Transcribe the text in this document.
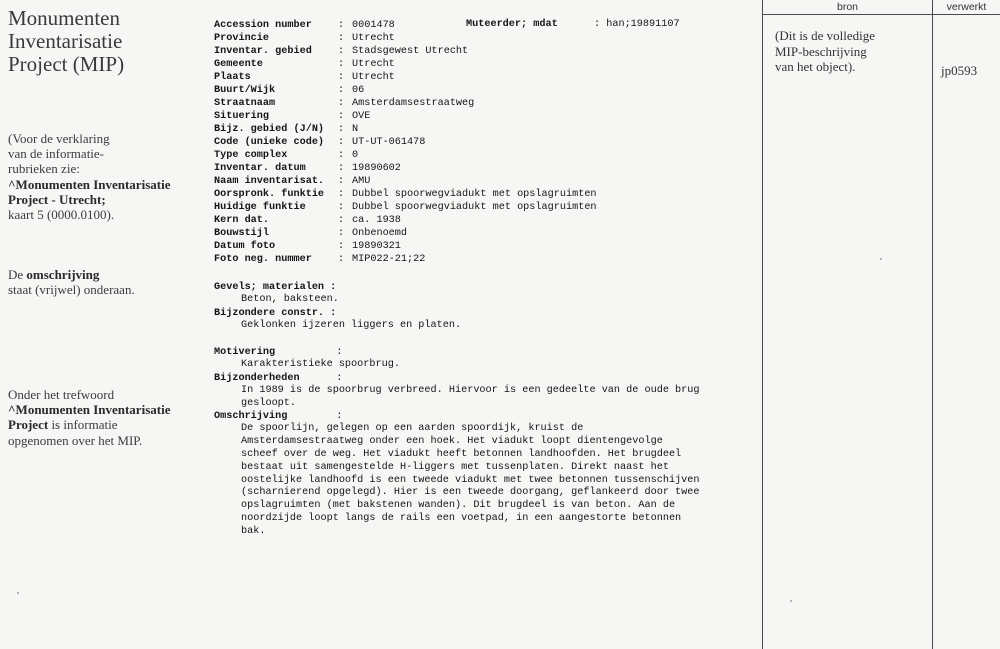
Monumenten
Inventarisatie
Project (MIP)
(Voor de verklaring
van de informatie-
rubrieken zie:
^Monumenten Inventarisatie
Project - Utrecht;
kaart 5 (0000.0100).
De omschrijving
staat (vrijwel) onderaan.
Onder het trefwoord
^Monumenten Inventarisatie
Project is informatie
opgenomen over het MIP.
Accession number	: 0001478
Provincie	: Utrecht
Inventar. gebied	: Stadsgewest Utrecht
Gemeente	: Utrecht
Plaats	: Utrecht
Buurt/Wijk	: 06
Straatnaam	: Amsterdamsestraatweg
Situering	: OVE
Bijz. gebied (J/N) : N
Code (unieke code) : UT-UT-061478
Type complex	: 0
Inventar. datum	: 19890602
Naam inventarisat. : AMU
Oorspronk. funktie : Dubbel spoorwegviadukt met opslagruimten
Huidige funktie	: Dubbel spoorwegviadukt met opslagruimten
Kern dat.	: ca. 1938
Bouwstijl	: Onbenoemd
Datum foto	: 19890321
Foto neg. nummer	: MIP022-21;22
Muteerder; mdat	: han;19891107
Gevels; materialen :
Beton, baksteen.
Bijzondere constr. :
Geklonken ijzeren liggers en platen.
Motivering          :
Karakteristieke spoorbrug.
Bijzonderheden      :
In 1989 is de spoorbrug verbreed. Hiervoor is een gedeelte van de oude brug
gesloopt.
Omschrijving        :
De spoorlijn, gelegen op een aarden spoordijk, kruist de
Amsterdamsestraatweg onder een hoek. Het viadukt loopt dientengevolge
scheef over de weg. Het viadukt heeft betonnen landhoofden. Het brugdeel
bestaat uit samengestelde H-liggers met tussenplaten. Direkt naast het
oostelijke landhoofd is een tweede viadukt met twee betonnen tussenschijven
(scharnierend opgelegd). Hier is een tweede doorgang, geflankeerd door twee
opslagruimten (met bakstenen wanden). Dit brugdeel is van beton. Aan de
noordzijde loopt langs de rails een voetpad, in een aangestorte betonnen
bak.
bron	verwerkt
(Dit is de volledige
MIP-beschrijving
van het object).	jp0593
